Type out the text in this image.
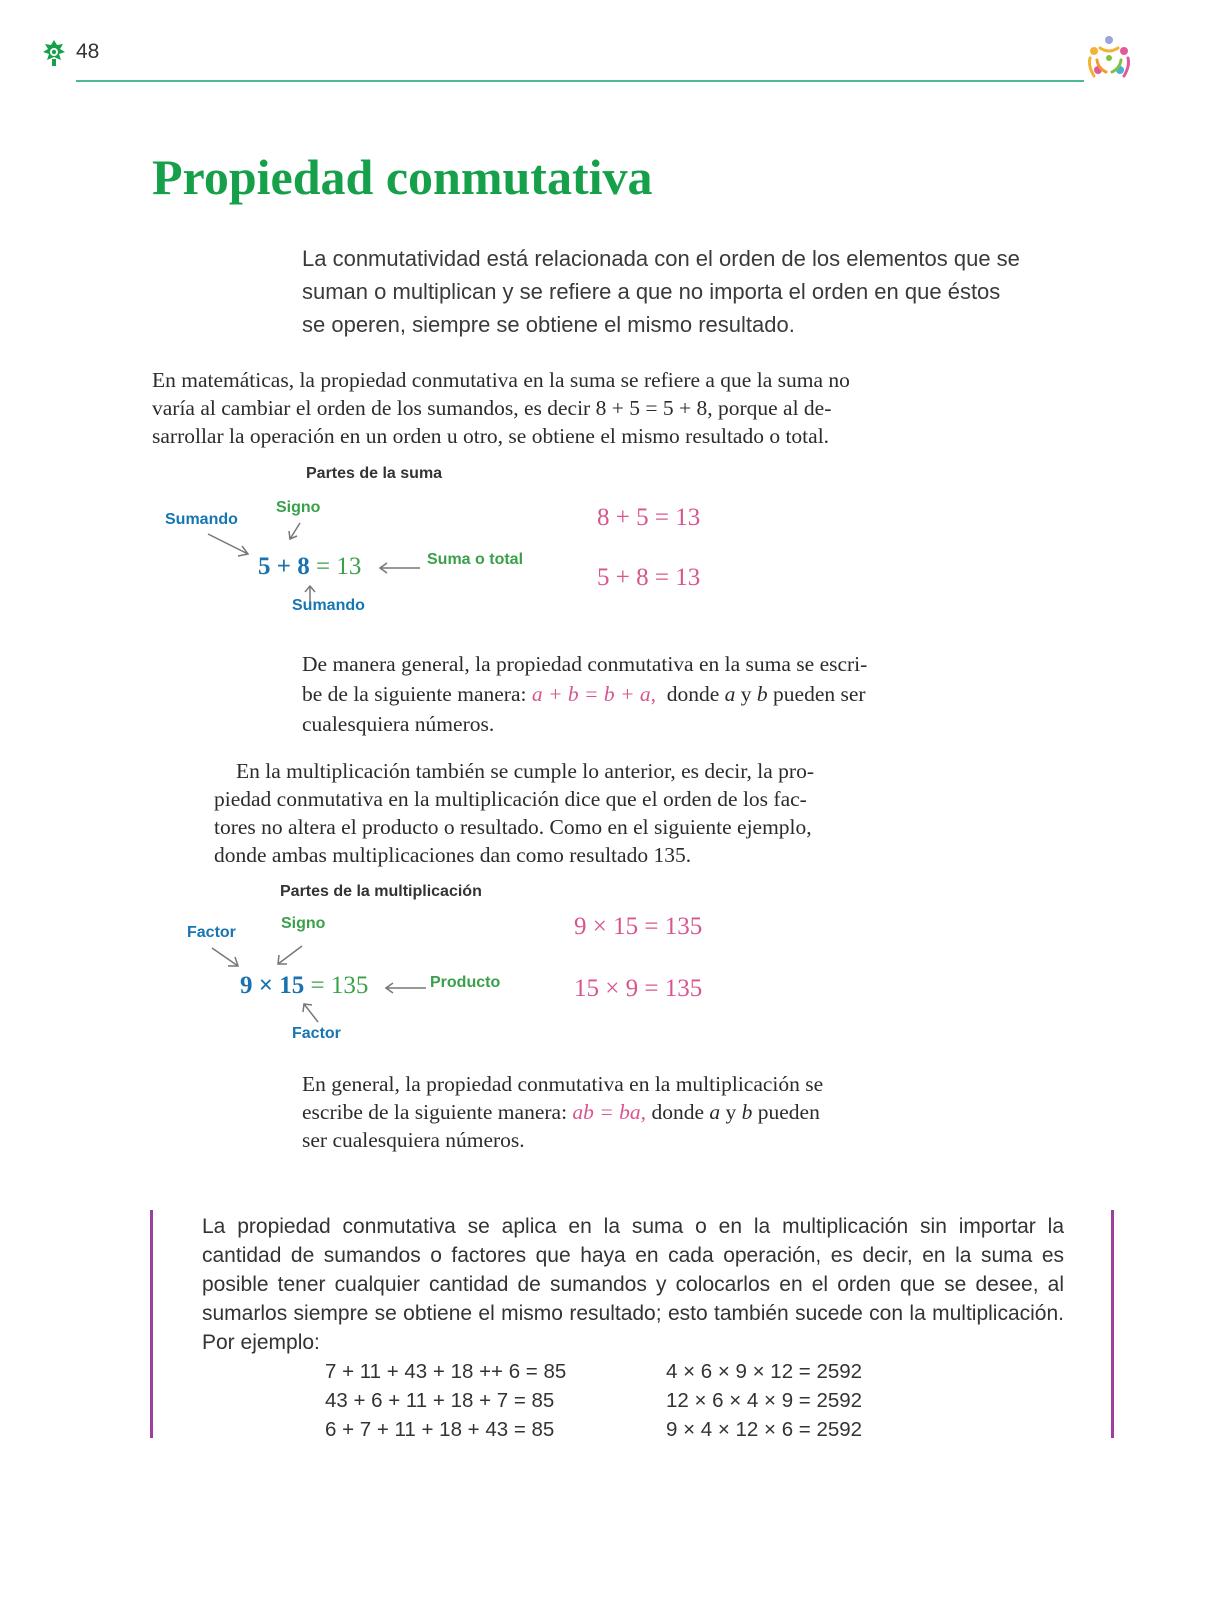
48
Propiedad conmutativa
La conmutatividad está relacionada con el orden de los elementos que se
suman o multiplican y se refiere a que no importa el orden en que éstos
se operen, siempre se obtiene el mismo resultado.
En matemáticas, la propiedad conmutativa en la suma se refiere a que la suma no
varía al cambiar el orden de los sumandos, es decir 8 + 5 = 5 + 8, porque al de-
sarrollar la operación en un orden u otro, se obtiene el mismo resultado o total.
Partes de la suma
Sumando
Signo
5 + 8 = 13	Suma o total
Sumando
8 + 5 = 13
5 + 8 = 13
De manera general, la propiedad conmutativa en la suma se escri-
be de la siguiente manera: a + b = b + a,  donde a y b pueden ser
cualesquiera números.
En la multiplicación también se cumple lo anterior, es decir, la pro-
piedad conmutativa en la multiplicación dice que el orden de los fac-
tores no altera el producto o resultado. Como en el siguiente ejemplo,
donde ambas multiplicaciones dan como resultado 135.
Partes de la multiplicación
Factor
Signo
9 × 15 = 135	Producto
Factor
9 × 15 = 135
15 × 9 = 135
En general, la propiedad conmutativa en la multiplicación se
escribe de la siguiente manera: ab = ba, donde a y b pueden
ser cualesquiera números.
La propiedad conmutativa se aplica en la suma o en la multiplicación sin importar la cantidad de sumandos o factores que haya en cada operación, es decir, en la suma es posible tener cualquier cantidad de sumandos y colocarlos en el orden que se desee, al sumarlos siempre se obtiene el mismo resultado; esto también sucede con la multiplicación. Por ejemplo:
7 + 11 + 43 + 18 ++ 6 = 85
43 + 6 + 11 + 18 + 7 = 85
6 + 7 + 11 + 18 + 43 = 85
4 × 6 × 9 × 12 = 2592
12 × 6 × 4 × 9 = 2592
9 × 4 × 12 × 6 = 2592
